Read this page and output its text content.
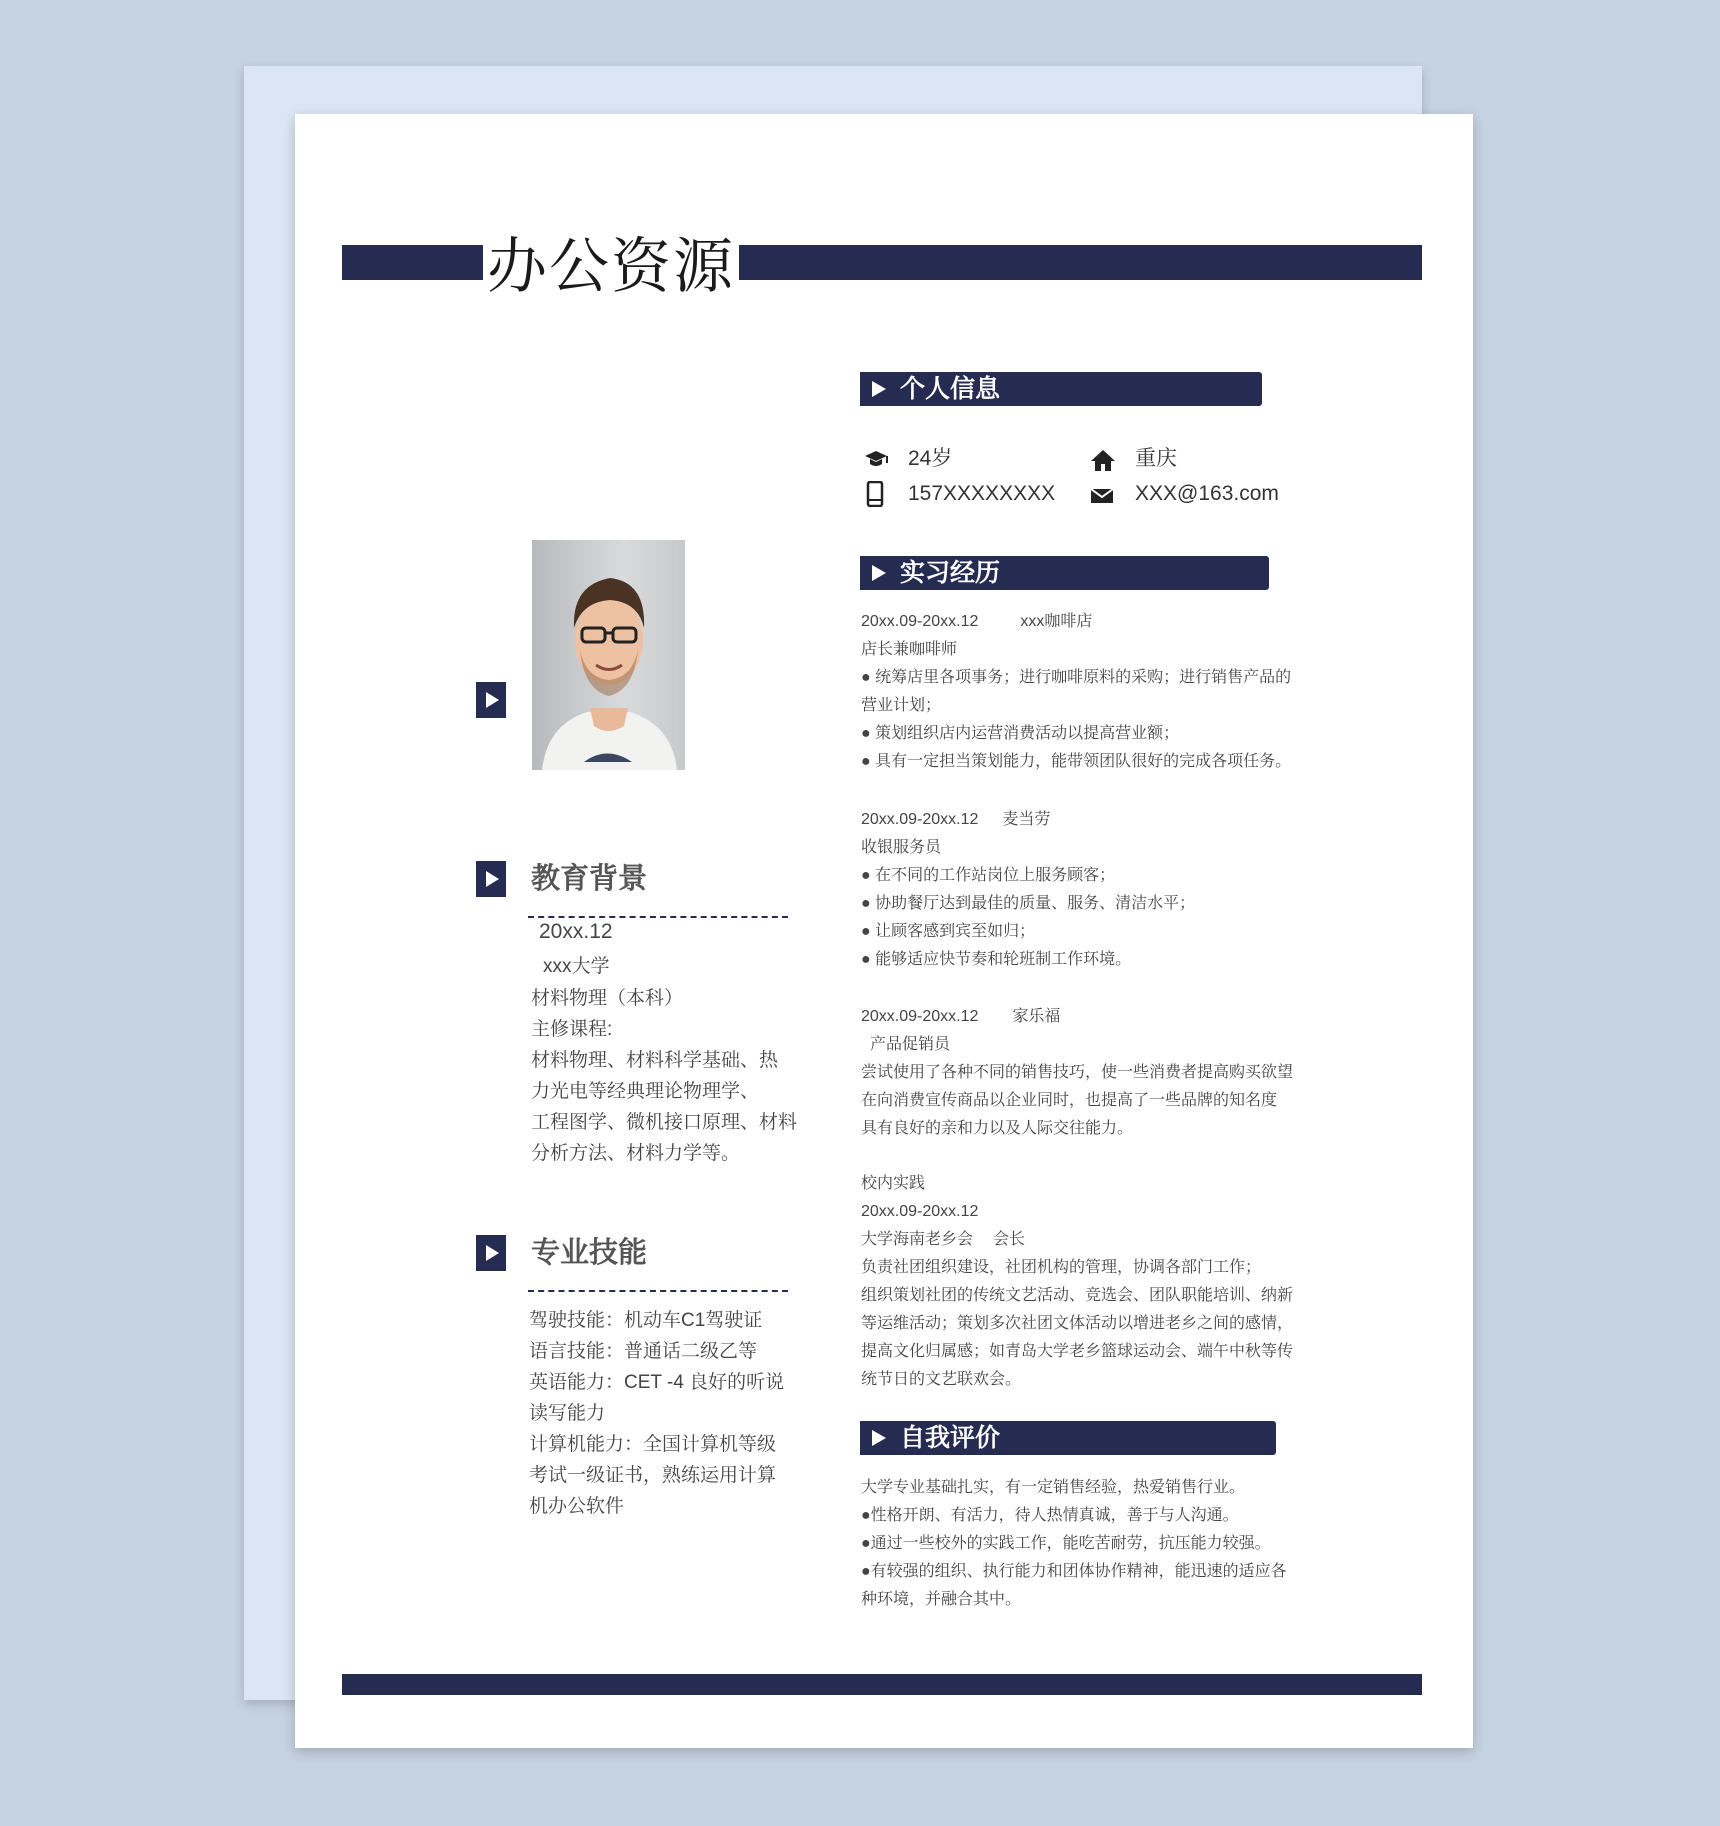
办公资源
教育背景
20xx.12
xxx大学
材料物理（本科）
主修课程:
材料物理、材料科学基础、热
力光电等经典理论物理学、
工程图学、微机接口原理、材料
分析方法、材料力学等。
专业技能
驾驶技能：机动车C1驾驶证
语言技能：普通话二级乙等
英语能力：CET -4 良好的听说
读写能力
计算机能力：全国计算机等级
考试一级证书，熟练运用计算
机办公软件
个人信息
24岁	重庆
157XXXXXXXX	XXX@163.com
实习经历
20xx.09-20xx.12	xxx咖啡店
店长兼咖啡师
● 统筹店里各项事务；进行咖啡原料的采购；进行销售产品的
营业计划；
● 策划组织店内运营消费活动以提高营业额；
● 具有一定担当策划能力，能带领团队很好的完成各项任务。
20xx.09-20xx.12 麦当劳
收银服务员
● 在不同的工作站岗位上服务顾客；
● 协助餐厅达到最佳的质量、服务、清洁水平；
● 让顾客感到宾至如归；
● 能够适应快节奏和轮班制工作环境。
20xx.09-20xx.12 家乐福
产品促销员
尝试使用了各种不同的销售技巧，使一些消费者提高购买欲望
在向消费宣传商品以企业同时，也提高了一些品牌的知名度
具有良好的亲和力以及人际交往能力。
校内实践
20xx.09-20xx.12
大学海南老乡会 会长
负责社团组织建设，社团机构的管理，协调各部门工作；
组织策划社团的传统文艺活动、竞选会、团队职能培训、纳新
等运维活动；策划多次社团文体活动以增进老乡之间的感情，
提高文化归属感；如青岛大学老乡篮球运动会、端午中秋等传
统节日的文艺联欢会。
自我评价
大学专业基础扎实，有一定销售经验，热爱销售行业。
●性格开朗、有活力，待人热情真诚，善于与人沟通。
●通过一些校外的实践工作，能吃苦耐劳，抗压能力较强。
●有较强的组织、执行能力和团体协作精神，能迅速的适应各
种环境，并融合其中。
